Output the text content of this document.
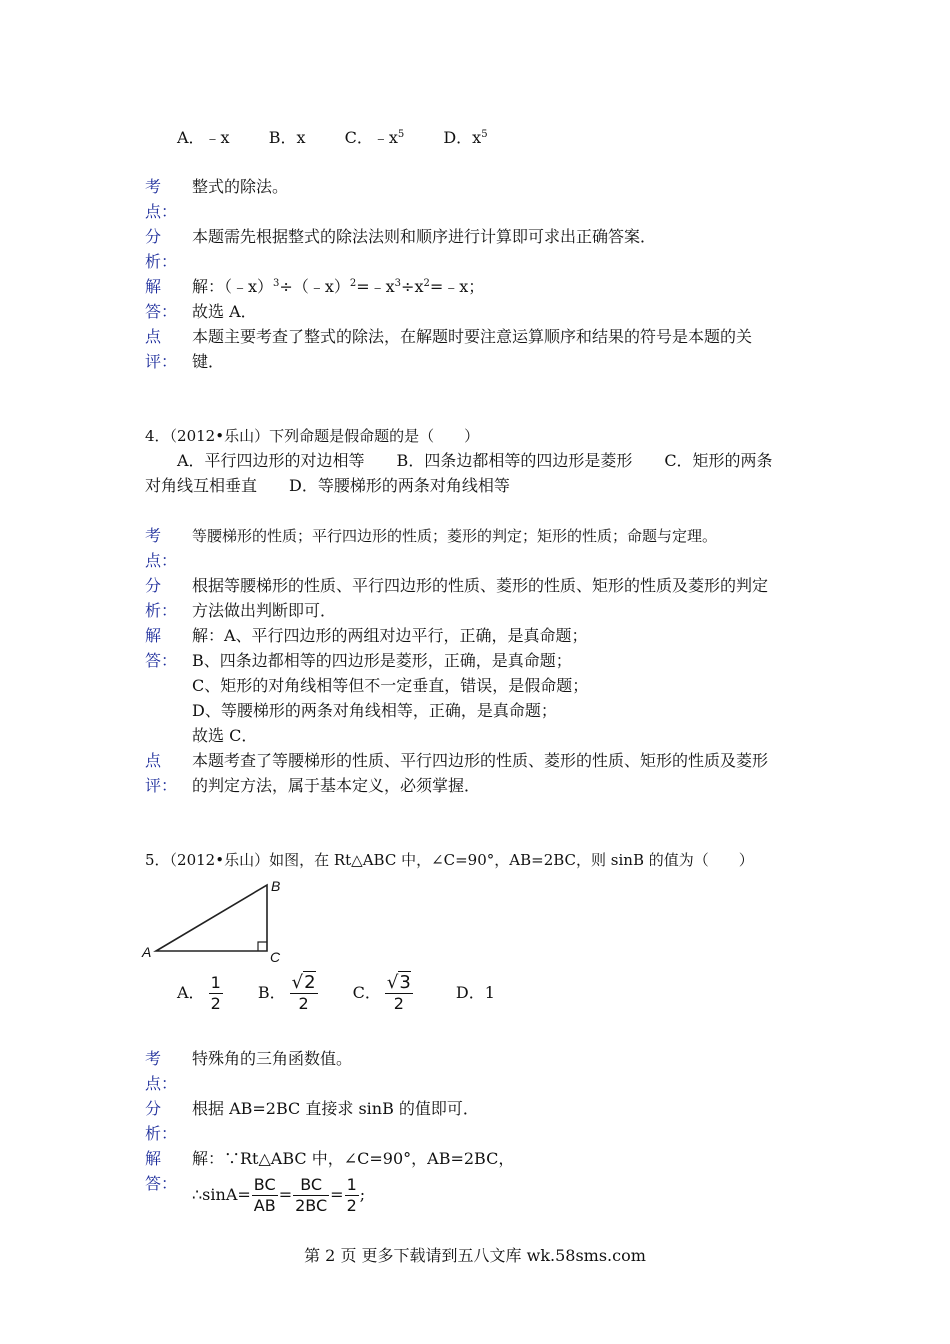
A．﹣x B．x C．$﹣x^5$ D．$x^5$
考
点：
整式的除法。
分
析：
本题需先根据整式的除法法则和顺序进行计算即可求出正确答案．
解
答：
解：$(﹣x)^3\div(﹣x)^2=﹣x^3\div x^2=﹣x$；
故选 A．
点
评：
本题主要考查了整式的除法，在解题时要注意运算顺序和结果的符号是本题的关
键．
4．（2012•乐山）下列命题是假命题的是（　　）
A．平行四边形的对边相等　　B．四条边都相等的四边形是菱形　　C．矩形的两条
对角线互相垂直　　D．等腰梯形的两条对角线相等
考
点：
等腰梯形的性质；平行四边形的性质；菱形的判定；矩形的性质；命题与定理。
分
析：
根据等腰梯形的性质、平行四边形的性质、菱形的性质、矩形的性质及菱形的判定
方法做出判断即可．
解
答：
解：A、平行四边形的两组对边平行，正确，是真命题；
B、四条边都相等的四边形是菱形，正确，是真命题；
C、矩形的对角线相等但不一定垂直，错误，是假命题；
D、等腰梯形的两条对角线相等，正确，是真命题；
故选 C．
点
评：
本题考查了等腰梯形的性质、平行四边形的性质、菱形的性质、矩形的性质及菱形
的判定方法，属于基本定义，必须掌握．
5．（2012•乐山）如图，在 Rt△ABC 中，∠C=90°，AB=2BC，则 sinB 的值为（　　）
A
B
C
A． $\frac{1}{2}$ B． $\frac{√2}{2}$ C． $\frac{√3}{2}$	D．1
考
点：
特殊角的三角函数值。
分
析：
根据 AB=2BC 直接求 sinB 的值即可．
解
答：
解：∵Rt△ABC 中，∠C=90°，AB=2BC，
∴sinA= $\frac{BC}{AB} = \frac{BC}{2BC} = \frac{1}{2}$ ;
第 2 页 更多下载请到五八文库 wk.58sms.com
